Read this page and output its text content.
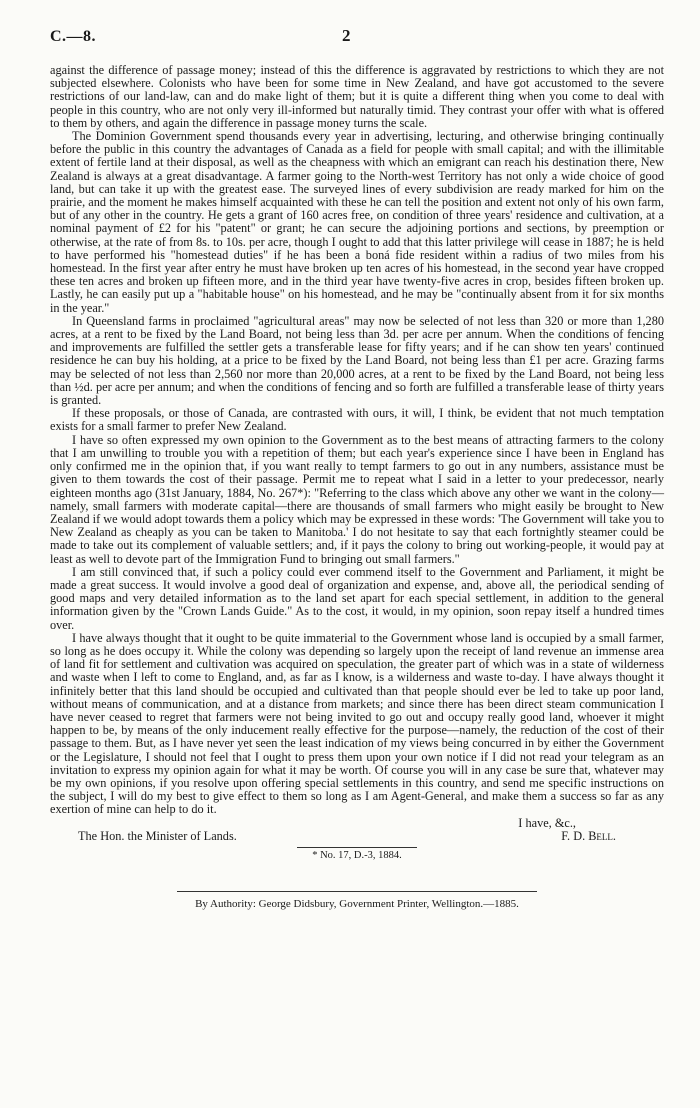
C.—8.	2

against the difference of passage money; instead of this the difference is aggravated by restrictions to which they are not subjected elsewhere. Colonists who have been for some time in New Zealand, and have got accustomed to the severe restrictions of our land-law, can and do make light of them; but it is quite a different thing when you come to deal with people in this country, who are not only very ill-informed but naturally timid. They contrast your offer with what is offered to them by others, and again the difference in passage money turns the scale.

The Dominion Government spend thousands every year in advertising, lecturing, and otherwise bringing continually before the public in this country the advantages of Canada as a field for people with small capital; and with the illimitable extent of fertile land at their disposal, as well as the cheapness with which an emigrant can reach his destination there, New Zealand is always at a great disadvantage. A farmer going to the North-west Territory has not only a wide choice of good land, but can take it up with the greatest ease. The surveyed lines of every subdivision are ready marked for him on the prairie, and the moment he makes himself acquainted with these he can tell the position and extent not only of his own farm, but of any other in the country. He gets a grant of 160 acres free, on condition of three years' residence and cultivation, at a nominal payment of £2 for his "patent" or grant; he can secure the adjoining portions and sections, by preemption or otherwise, at the rate of from 8s. to 10s. per acre, though I ought to add that this latter privilege will cease in 1887; he is held to have performed his "homestead duties" if he has been a boná fide resident within a radius of two miles from his homestead. In the first year after entry he must have broken up ten acres of his homestead, in the second year have cropped these ten acres and broken up fifteen more, and in the third year have twenty-five acres in crop, besides fifteen broken up. Lastly, he can easily put up a "habitable house" on his homestead, and he may be "continually absent from it for six months in the year."

In Queensland farms in proclaimed "agricultural areas" may now be selected of not less than 320 or more than 1,280 acres, at a rent to be fixed by the Land Board, not being less than 3d. per acre per annum. When the conditions of fencing and improvements are fulfilled the settler gets a transferable lease for fifty years; and if he can show ten years' continued residence he can buy his holding, at a price to be fixed by the Land Board, not being less than £1 per acre. Grazing farms may be selected of not less than 2,560 nor more than 20,000 acres, at a rent to be fixed by the Land Board, not being less than ½d. per acre per annum; and when the conditions of fencing and so forth are fulfilled a transferable lease of thirty years is granted.

If these proposals, or those of Canada, are contrasted with ours, it will, I think, be evident that not much temptation exists for a small farmer to prefer New Zealand.

I have so often expressed my own opinion to the Government as to the best means of attracting farmers to the colony that I am unwilling to trouble you with a repetition of them; but each year's experience since I have been in England has only confirmed me in the opinion that, if you want really to tempt farmers to go out in any numbers, assistance must be given to them towards the cost of their passage. Permit me to repeat what I said in a letter to your predecessor, nearly eighteen months ago (31st January, 1884, No. 267*): "Referring to the class which above any other we want in the colony—namely, small farmers with moderate capital—there are thousands of small farmers who might easily be brought to New Zealand if we would adopt towards them a policy which may be expressed in these words: 'The Government will take you to New Zealand as cheaply as you can be taken to Manitoba.' I do not hesitate to say that each fortnightly steamer could be made to take out its complement of valuable settlers; and, if it pays the colony to bring out working-people, it would pay at least as well to devote part of the Immigration Fund to bringing out small farmers."

I am still convinced that, if such a policy could ever commend itself to the Government and Parliament, it might be made a great success. It would involve a good deal of organization and expense, and, above all, the periodical sending of good maps and very detailed information as to the land set apart for each special settlement, in addition to the general information given by the "Crown Lands Guide." As to the cost, it would, in my opinion, soon repay itself a hundred times over.

I have always thought that it ought to be quite immaterial to the Government whose land is occupied by a small farmer, so long as he does occupy it. While the colony was depending so largely upon the receipt of land revenue an immense area of land fit for settlement and cultivation was acquired on speculation, the greater part of which was in a state of wilderness and waste when I left to come to England, and, as far as I know, is a wilderness and waste to-day. I have always thought it infinitely better that this land should be occupied and cultivated than that people should ever be led to take up poor land, without means of communication, and at a distance from markets; and since there has been direct steam communication I have never ceased to regret that farmers were not being invited to go out and occupy really good land, whoever it might happen to be, by means of the only inducement really effective for the purpose—namely, the reduction of the cost of their passage to them. But, as I have never yet seen the least indication of my views being concurred in by either the Government or the Legislature, I should not feel that I ought to press them upon your own notice if I did not read your telegram as an invitation to express my opinion again for what it may be worth. Of course you will in any case be sure that, whatever may be my own opinions, if you resolve upon offering special settlements in this country, and send me specific instructions on the subject, I will do my best to give effect to them so long as I am Agent-General, and make them a success so far as any exertion of mine can help to do it.

I have, &c.,
The Hon. the Minister of Lands.	F. D. Bell.
* No. 17, D.-3, 1884.
By Authority: George Didsbury, Government Printer, Wellington.—1885.
